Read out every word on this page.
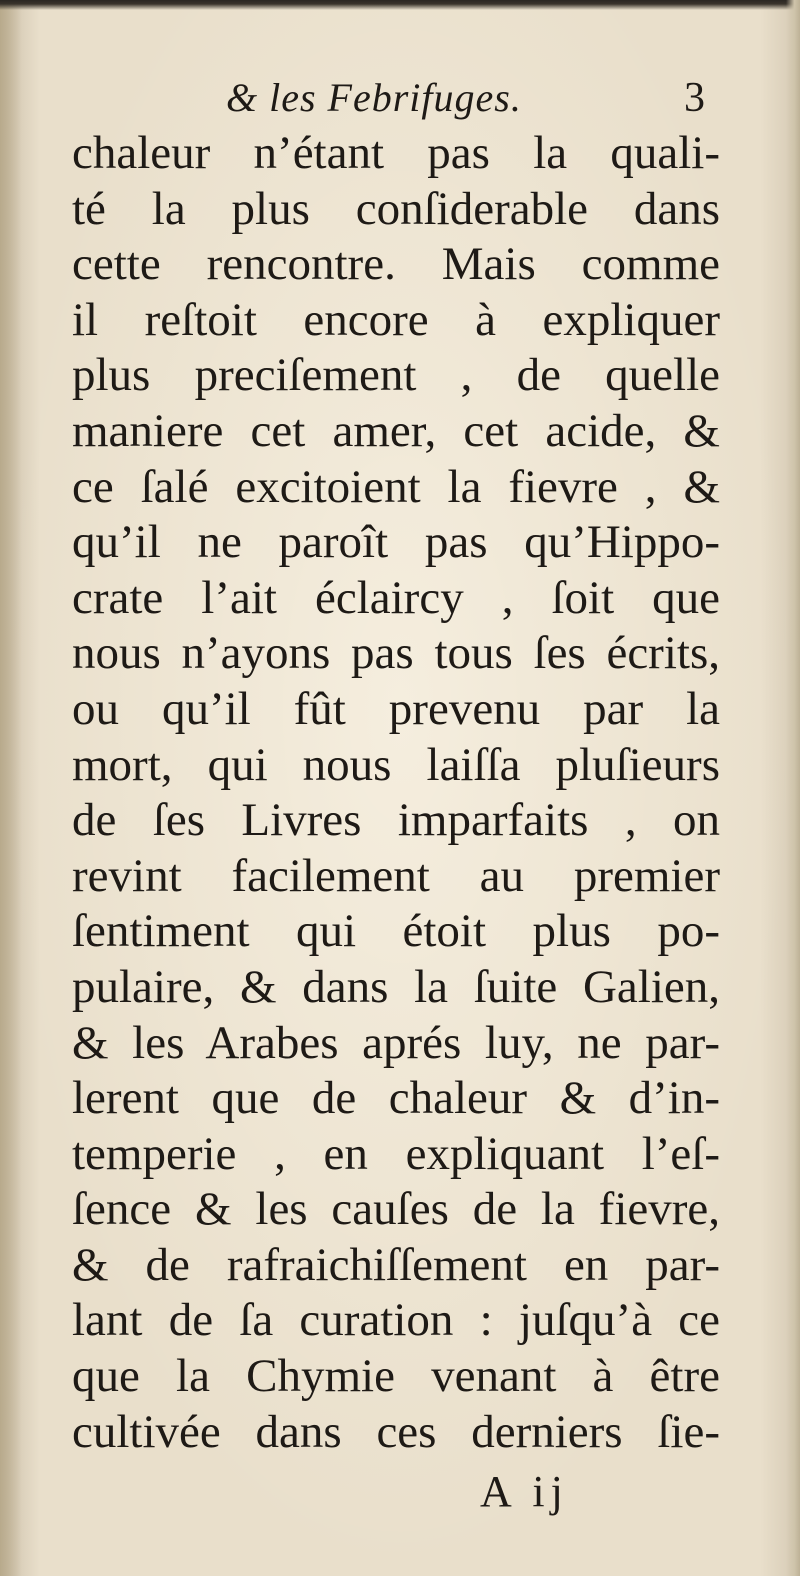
& les Febrifuges.	3
chaleur n’étant pas la quali-
té la plus conſiderable dans
cette rencontre. Mais comme
il reſtoit encore à expliquer
plus preciſement , de quelle
maniere cet amer, cet acide, &
ce ſalé excitoient la fievre , &
qu’il ne paroît pas qu’Hippo-
crate l’ait éclaircy , ſoit que
nous n’ayons pas tous ſes écrits,
ou qu’il fût prevenu par la
mort, qui nous laiſſa pluſieurs
de ſes Livres imparfaits , on
revint facilement au premier
ſentiment qui étoit plus po-
pulaire, & dans la ſuite Galien,
& les Arabes aprés luy, ne par-
lerent que de chaleur & d’in-
temperie , en expliquant l’eſ-
ſence & les cauſes de la fievre,
& de rafraichiſſement en par-
lant de ſa curation : juſqu’à ce
que la Chymie venant à être
cultivée dans ces derniers ſie-
A ij
